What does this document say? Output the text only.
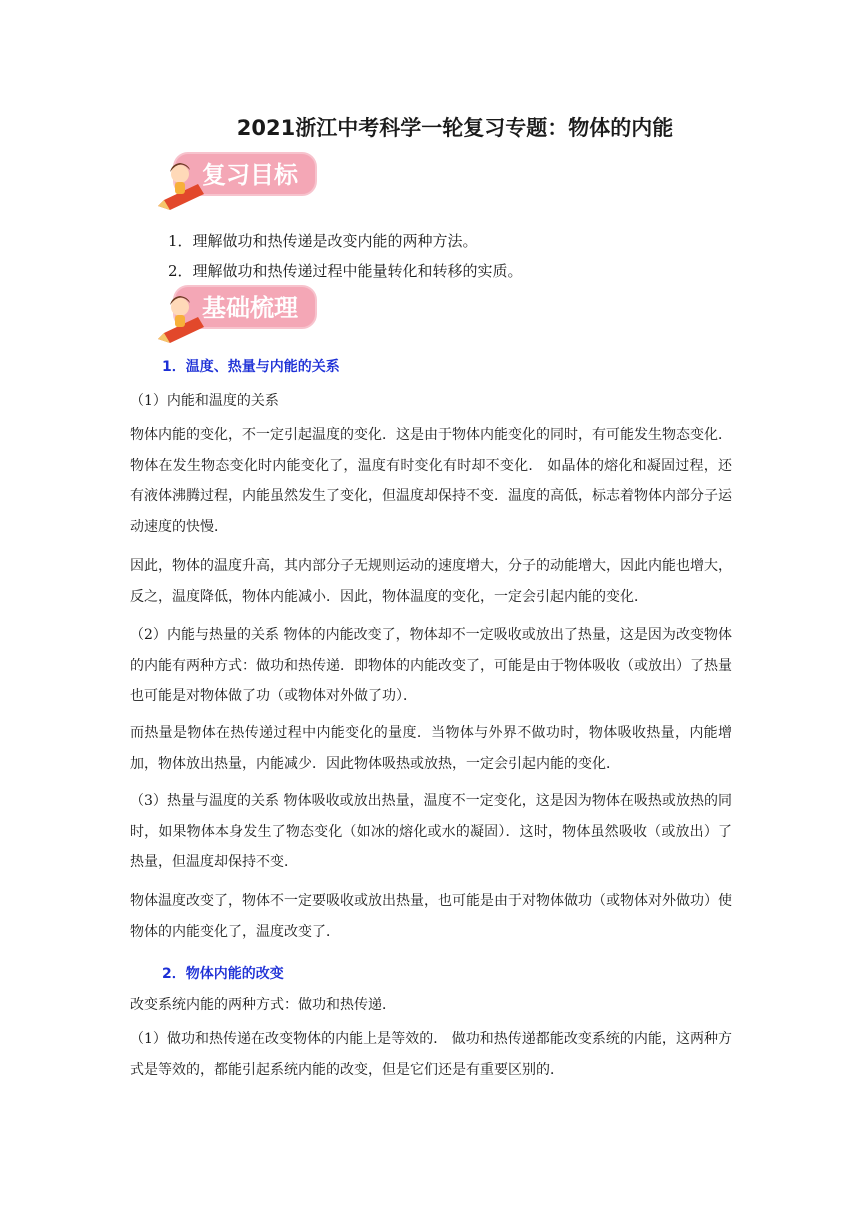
2021浙江中考科学一轮复习专题：物体的内能
复习目标
1．理解做功和热传递是改变内能的两种方法。
2．理解做功和热传递过程中能量转化和转移的实质。
基础梳理
1．温度、热量与内能的关系
（1）内能和温度的关系
物体内能的变化，不一定引起温度的变化．这是由于物体内能变化的同时，有可能发生物态变化．物体在发生物态变化时内能变化了，温度有时变化有时却不变化． 如晶体的熔化和凝固过程，还有液体沸腾过程，内能虽然发生了变化，但温度却保持不变．温度的高低，标志着物体内部分子运动速度的快慢．
因此，物体的温度升高，其内部分子无规则运动的速度增大，分子的动能增大，因此内能也增大，反之，温度降低，物体内能减小．因此，物体温度的变化，一定会引起内能的变化．
（2）内能与热量的关系 物体的内能改变了，物体却不一定吸收或放出了热量，这是因为改变物体的内能有两种方式：做功和热传递．即物体的内能改变了，可能是由于物体吸收（或放出）了热量也可能是对物体做了功（或物体对外做了功）．
而热量是物体在热传递过程中内能变化的量度．当物体与外界不做功时，物体吸收热量，内能增加，物体放出热量，内能减少．因此物体吸热或放热，一定会引起内能的变化．
（3）热量与温度的关系 物体吸收或放出热量，温度不一定变化，这是因为物体在吸热或放热的同时，如果物体本身发生了物态变化（如冰的熔化或水的凝固）．这时，物体虽然吸收（或放出）了热量，但温度却保持不变．
物体温度改变了，物体不一定要吸收或放出热量，也可能是由于对物体做功（或物体对外做功）使物体的内能变化了，温度改变了．
2．物体内能的改变
改变系统内能的两种方式：做功和热传递．
（1）做功和热传递在改变物体的内能上是等效的． 做功和热传递都能改变系统的内能，这两种方式是等效的，都能引起系统内能的改变，但是它们还是有重要区别的．
